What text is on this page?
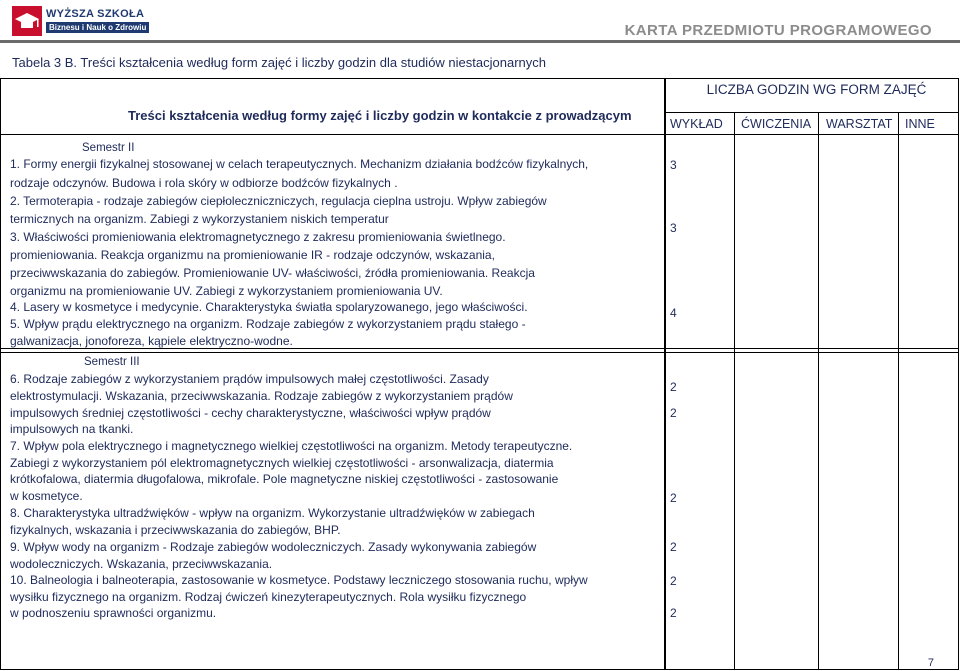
WYŻSZA SZKOŁA
Biznesu i Nauk o Zdrowiu	KARTA PRZEDMIOTU PROGRAMOWEGO
Tabela 3 B. Treści kształcenia według form zajęć i liczby godzin dla studiów niestacjonarnych
Treści kształcenia według formy zajęć i liczby godzin w kontakcie z prowadzącym
LICZBA GODZIN WG FORM ZAJĘĆ
WYKŁAD ĆWICZENIA WARSZTAT INNE
Semestr II
1. Formy energii fizykalnej stosowanej w celach terapeutycznych. Mechanizm działania bodźców fizykalnych,
rodzaje odczynów. Budowa i rola skóry w odbiorze bodźców fizykalnych .
2. Termoterapia - rodzaje zabiegów ciepłoleczniczniczych, regulacja cieplna ustroju. Wpływ zabiegów
termicznych na organizm. Zabiegi z wykorzystaniem niskich temperatur
3. Właściwości promieniowania elektromagnetycznego z zakresu promieniowania świetlnego.
promieniowania. Reakcja organizmu na promieniowanie IR - rodzaje odczynów, wskazania,
przeciwwskazania do zabiegów. Promieniowanie UV- właściwości, źródła promieniowania. Reakcja
organizmu na promieniowanie UV. Zabiegi z wykorzystaniem promieniowania UV.
4. Lasery w kosmetyce i medycynie. Charakterystyka światła spolaryzowanego, jego właściwości.
5. Wpływ prądu elektrycznego na organizm. Rodzaje zabiegów z wykorzystaniem prądu stałego -
galwanizacja, jonoforeza, kąpiele elektryczno-wodne.
3
3
4
Semestr III
6. Rodzaje zabiegów z wykorzystaniem prądów impulsowych małej częstotliwości. Zasady
elektrostymulacji. Wskazania, przeciwwskazania. Rodzaje zabiegów z wykorzystaniem prądów
impulsowych średniej częstotliwości - cechy charakterystyczne, właściwości wpływ prądów
impulsowych na tkanki.
7. Wpływ pola elektrycznego i magnetycznego wielkiej częstotliwości na organizm. Metody terapeutyczne.
Zabiegi z wykorzystaniem pól elektromagnetycznych wielkiej częstotliwości - arsonwalizacja, diatermia
krótkofalowa, diatermia długofalowa, mikrofale. Pole magnetyczne niskiej częstotliwości - zastosowanie
w kosmetyce.
8. Charakterystyka ultradźwięków - wpływ na organizm. Wykorzystanie ultradźwięków w zabiegach
fizykalnych, wskazania i przeciwwskazania do zabiegów, BHP.
9. Wpływ wody na organizm - Rodzaje zabiegów wodoleczniczych. Zasady wykonywania zabiegów
wodoleczniczych. Wskazania, przeciwwskazania.
10. Balneologia i balneoterapia, zastosowanie w kosmetyce. Podstawy leczniczego stosowania ruchu, wpływ
wysiłku fizycznego na organizm. Rodzaj ćwiczeń kinezyterapeutycznych. Rola wysiłku fizycznego
w podnoszeniu sprawności organizmu.
2
2
2
2
2
2
7
